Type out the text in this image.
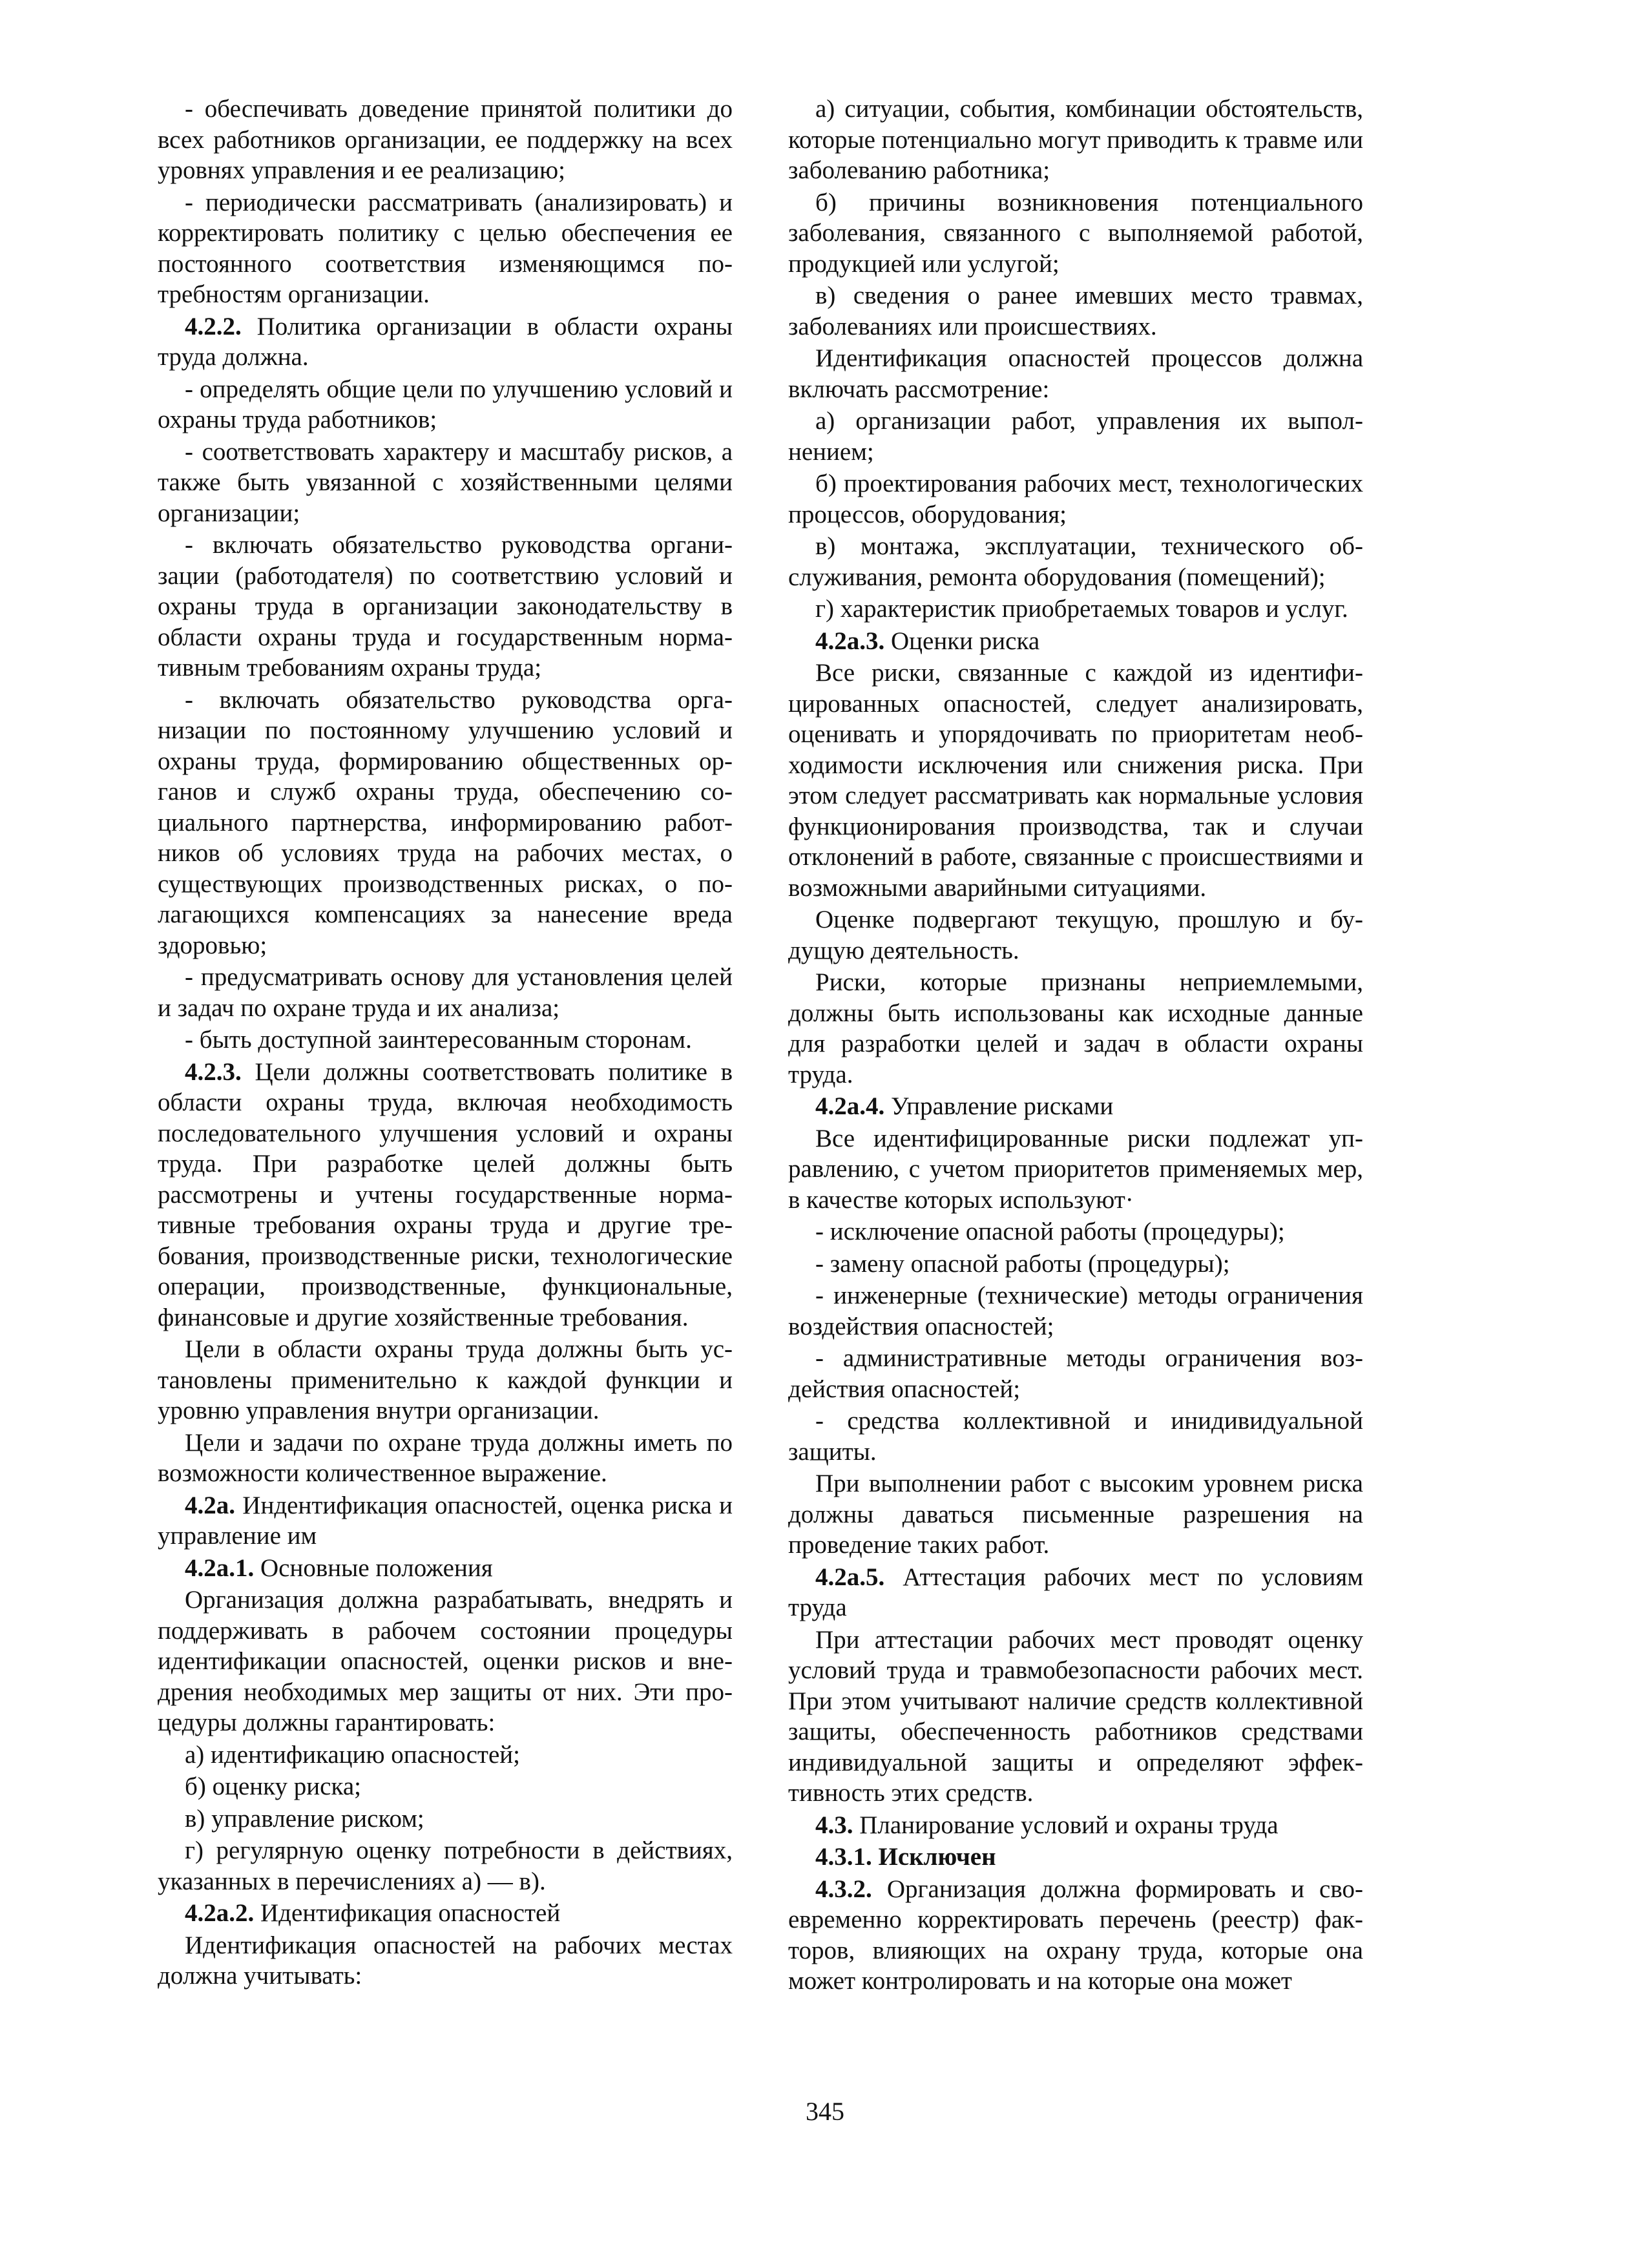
- обеспечивать доведение принятой политики до всех работников организации, ее поддержку на всех уровнях управления и ее реализацию;

- периодически рассматривать (анализировать) и корректировать политику с целью обеспечения ее постоянного соответствия изменяющимся потребностям организации.

4.2.2. Политика организации в области охраны труда должна.

- определять общие цели по улучшению условий и охраны труда работников;

- соответствовать характеру и масштабу рисков, а также быть увязанной с хозяйственными целями организации;

- включать обязательство руководства организации (работодателя) по соответствию условий и охраны труда в организации законодательству в области охраны труда и государственным нормативным требованиям охраны труда;

- включать обязательство руководства организации по постоянному улучшению условий и охраны труда, формированию общественных органов и служб охраны труда, обеспечению социального партнерства, информированию работников об условиях труда на рабочих местах, о существующих производственных рисках, о полагающихся компенсациях за нанесение вреда здоровью;

- предусматривать основу для установления целей и задач по охране труда и их анализа;

- быть доступной заинтересованным сторонам.

4.2.3. Цели должны соответствовать политике в области охраны труда, включая необходимость последовательного улучшения условий и охраны труда. При разработке целей должны быть рассмотрены и учтены государственные нормативные требования охраны труда и другие требования, производственные риски, технологические операции, производственные, функциональные, финансовые и другие хозяйственные требования.

Цели в области охраны труда должны быть установлены применительно к каждой функции и уровню управления внутри организации.

Цели и задачи по охране труда должны иметь по возможности количественное выражение.

4.2а. Индентификация опасностей, оценка риска и управление им

4.2а.1. Основные положения

Организация должна разрабатывать, внедрять и поддерживать в рабочем состоянии процедуры идентификации опасностей, оценки рисков и внедрения необходимых мер защиты от них. Эти процедуры должны гарантировать:

а) идентификацию опасностей;

б) оценку риска;

в) управление риском;

г) регулярную оценку потребности в действиях, указанных в перечислениях а) — в).

4.2а.2. Идентификация опасностей

Идентификация опасностей на рабочих местах должна учитывать:

а) ситуации, события, комбинации обстоятельств, которые потенциально могут приводить к травме или заболеванию работника;

б) причины возникновения потенциального заболевания, связанного с выполняемой работой, продукцией или услугой;

в) сведения о ранее имевших место травмах, заболеваниях или происшествиях.

Идентификация опасностей процессов должна включать рассмотрение:

а) организации работ, управления их выполнением;

б) проектирования рабочих мест, технологических процессов, оборудования;

в) монтажа, эксплуатации, технического обслуживания, ремонта оборудования (помещений);

г) характеристик приобретаемых товаров и услуг.

4.2а.3. Оценки риска

Все риски, связанные с каждой из идентифицированных опасностей, следует анализировать, оценивать и упорядочивать по приоритетам необходимости исключения или снижения риска. При этом следует рассматривать как нормальные условия функционирования производства, так и случаи отклонений в работе, связанные с происшествиями и возможными аварийными ситуациями.

Оценке подвергают текущую, прошлую и будущую деятельность.

Риски, которые признаны неприемлемыми, должны быть использованы как исходные данные для разработки целей и задач в области охраны труда.

4.2а.4. Управление рисками

Все идентифицированные риски подлежат управлению, с учетом приоритетов применяемых мер, в качестве которых используют·

- исключение опасной работы (процедуры);

- замену опасной работы (процедуры);

- инженерные (технические) методы ограничения воздействия опасностей;

- административные методы ограничения воздействия опасностей;

- средства коллективной и инидивидуальной защиты.

При выполнении работ с высоким уровнем риска должны даваться письменные разрешения на проведение таких работ.

4.2а.5. Аттестация рабочих мест по условиям труда

При аттестации рабочих мест проводят оценку условий труда и травмобезопасности рабочих мест. При этом учитывают наличие средств коллективной защиты, обеспеченность работников средствами индивидуальной защиты и определяют эффективность этих средств.

4.3. Планирование условий и охраны труда

4.3.1. Исключен

4.3.2. Организация должна формировать и своевременно корректировать перечень (реестр) факторов, влияющих на охрану труда, которые она может контролировать и на которые она может

345
